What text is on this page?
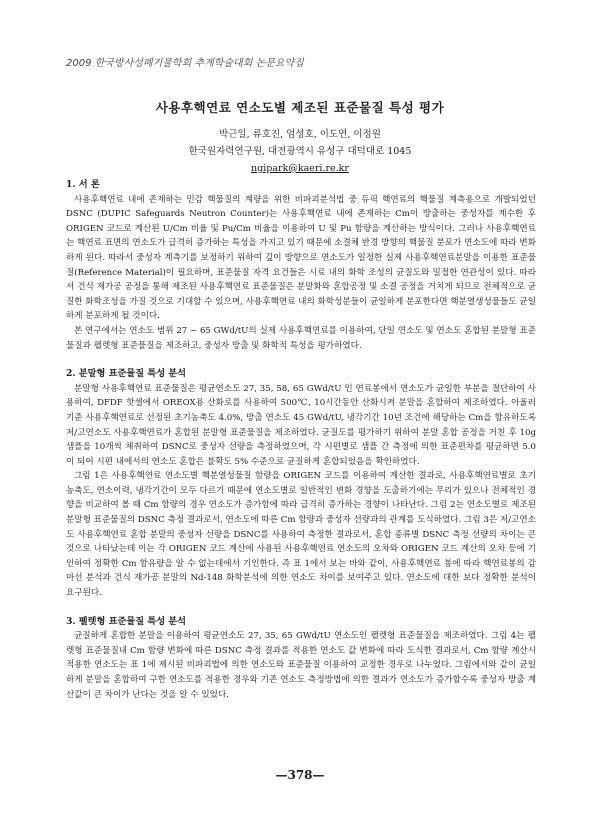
2009 한국방사성폐기물학회 추계학술대회 논문요약집
사용후핵연료 연소도별 제조된 표준물질 특성 평가
박근일, 류호진, 엄성호, 이도연, 이정원
한국원자력연구원, 대전광역시 유성구 대덕대로 1045
ngipark@kaeri.re.kr

1. 서 론

사용후핵연료 내에 존재하는 민감 핵물질의 계량을 위한 비파괴분석법 중 듀픽 핵연료의 핵물질 계측용으로 개발되었던 DSNC (DUPIC Safeguards Neutron Counter)는 사용후핵연료 내에 존재하는 Cm이 방출하는 중성자를 계수한 후 ORIGEN 코드로 계산된 U/Cm 비율 및 Pu/Cm 비율을 이용하여 U 및 Pu 함량을 계산하는 방식이다. 그러나 사용후핵연료는 핵연료 표면의 연소도가 급격히 증가하는 특성을 가지고 있기 때문에 소결체 반경 방향의 핵물질 분포가 연소도에 따라 변화하게 된다. 따라서 중성자 계측기를 보정하기 위하여 깊이 방향으로 연소도가 일정한 실제 사용후핵연료분말을 이용한 표준물질(Reference Material)이 필요하며, 표준물질 자격 요건들은 시료 내의 화학 조성의 균질도와 밀접한 연관성이 있다. 따라서 건식 재가공 공정을 통해 제조된 사용후핵연료 표준물질은 분말화와 혼합공정 및 소결 공정을 거치게 되므로 전체적으로 균질한 화학조성을 가질 것으로 기대할 수 있으며, 사용후핵연료 내의 화학성분들이 균일하게 분포한다면 핵분열생성물들도 균일하게 분포하게 될 것이다.

본 연구에서는 연소도 범위 27 ~ 65 GWd/tU의 실제 사용후핵연료를 이용하여, 단일 연소도 및 연소도 혼합된 분말형 표준물질과 펠렛형 표준물질을 제조하고, 중성자 방출 및 화학적 특성을 평가하였다.

2. 분말형 표준물질 특성 분석

분말형 사용후핵연료 표준물질은 평균연소도 27, 35, 58, 65 GWd/tU 인 연료봉에서 연소도가 균일한 부분을 절단하여 사용하여, DFDF 핫셀에서 OREOX용 산화로를 사용하여 500℃, 10시간동안 산화시켜 분말을 혼합하여 제조하였다. 아울러 기준 사용후핵연료로 선정된 초기농축도 4.0%, 방출 연소도 45 GWd/tU, 냉각기간 10년 조건에 해당하는 Cm을 함유하도록 저/고연소도 사용후핵연료가 혼합된 분말형 표준물질을 제조하였다. 균질도를 평가하기 위하여 분말 혼합 공정을 거친 후 10g 샘플을 10개씩 채취하여 DSNC로 중성자 선량을 측정하였으며, 각 시편별로 샘플 간 측정에 의한 표준편차를 평균하면 5.0 이 되어 시편 내에서의 연소도 혼합은 불확도 5% 수준으로 균질하게 혼합되었음을 확인하였다.

그림 1은 사용후핵연료 연소도별 핵분열성물질 함량을 ORIGEN 코드를 이용하여 계산한 결과로, 사용후핵연료별로 초기 농축도, 연소이력, 냉각기간이 모두 다르기 때문에 연소도별로 일반적인 변화 경향을 도출하기에는 무리가 있으나 전체적인 경향을 비교하여 볼 때 Cm 함량의 경우 연소도가 증가함에 따라 급격히 증가하는 경향이 나타난다. 그림 2는 연소도별로 제조된 분말형 표준물질의 DSNC 측정 결과로서, 연소도에 따른 Cm 함량과 중성자 선량과의 관계를 도식하였다. 그림 3은 저/고연소도 사용후핵연료 혼합 분말의 중성자 선량을 DSNC를 사용하여 측정한 결과로서, 혼합 종류별 DSNC 측정 선량의 차이는 큰 것으로 나타났는데 이는 각 ORIGEN 코드 계산에 사용된 사용후핵연료 연소도의 오차와 ORIGEN 코드 계산의 오차 등에 기인하여 정확한 Cm 함유량을 알 수 없는데에서 기인한다. 즉 표 1에서 보는 바와 같이, 사용후핵연료 봉에 따라 핵연료봉의 감마선 분석과 건식 재가공 분말의 Nd-148 화학분석에 의한 연소도 차이를 보여주고 있다. 연소도에 대한 보다 정확한 분석이 요구된다.

3. 펠렛형 표준물질 특성 분석

균질하게 혼합한 분말을 이용하여 평균연소도 27, 35, 65 GWd/tU 연소도인 펠렛형 표준물질을 제조하였다. 그림 4는 펠렛형 표준물질내 Cm 함량 변화에 따른 DSNC 측정 결과를 적용한 연소도 값 변화에 따라 도식한 결과로서, Cm 함량 계산시 적용한 연소도는 표 1에 제시된 비파괴법에 의한 연소도와 표준물질 이용하여 교정한 경우로 나누었다. 그림에서와 같이 균일하게 분말을 혼합하여 구한 연소도를 적용한 경우와 기존 연소도 측정방법에 의한 결과가 연소도가 증가할수록 중성자 방출 계산값이 큰 차이가 난다는 것을 알 수 있었다.

—378—
